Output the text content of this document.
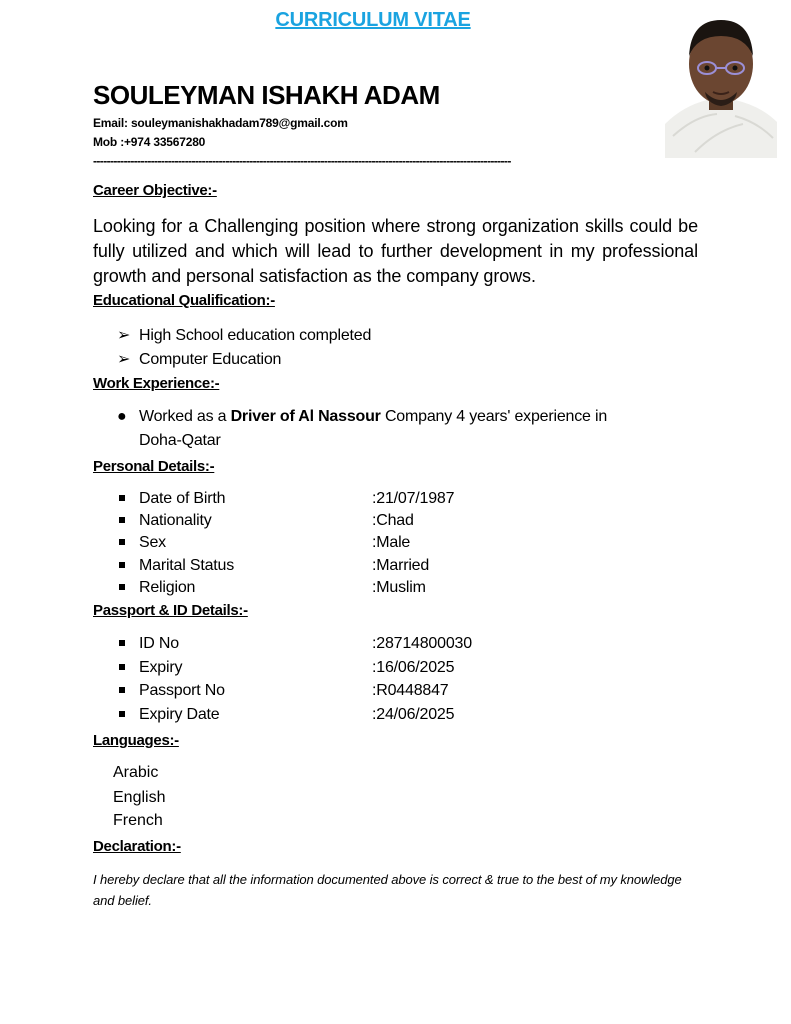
CURRICULUM VITAE
SOULEYMAN ISHAKH ADAM
Email: souleymanishakhadam789@gmail.com
Mob :+974 33567280
---------------------------------------------------------------------------------------------------------------------------
Career Objective:-
Looking for a Challenging position where strong organization skills could be fully utilized and which will lead to further development in my professional growth and personal satisfaction as the company grows.
Educational Qualification:-
➢ High School education completed
➢ Computer Education
Work Experience:-
● Worked as a Driver of Al Nassour Company 4 years' experience in
Doha-Qatar
Personal Details:-
Date of Birth	:21/07/1987
Nationality	:Chad
Sex	:Male
Marital Status	:Married
Religion	:Muslim
Passport & ID Details:-
ID No	:28714800030
Expiry	:16/06/2025
Passport No	:R0448847
Expiry Date	:24/06/2025
Languages:-
Arabic
English
French
Declaration:-
I hereby declare that all the information documented above is correct & true to the best of my knowledge and belief.
